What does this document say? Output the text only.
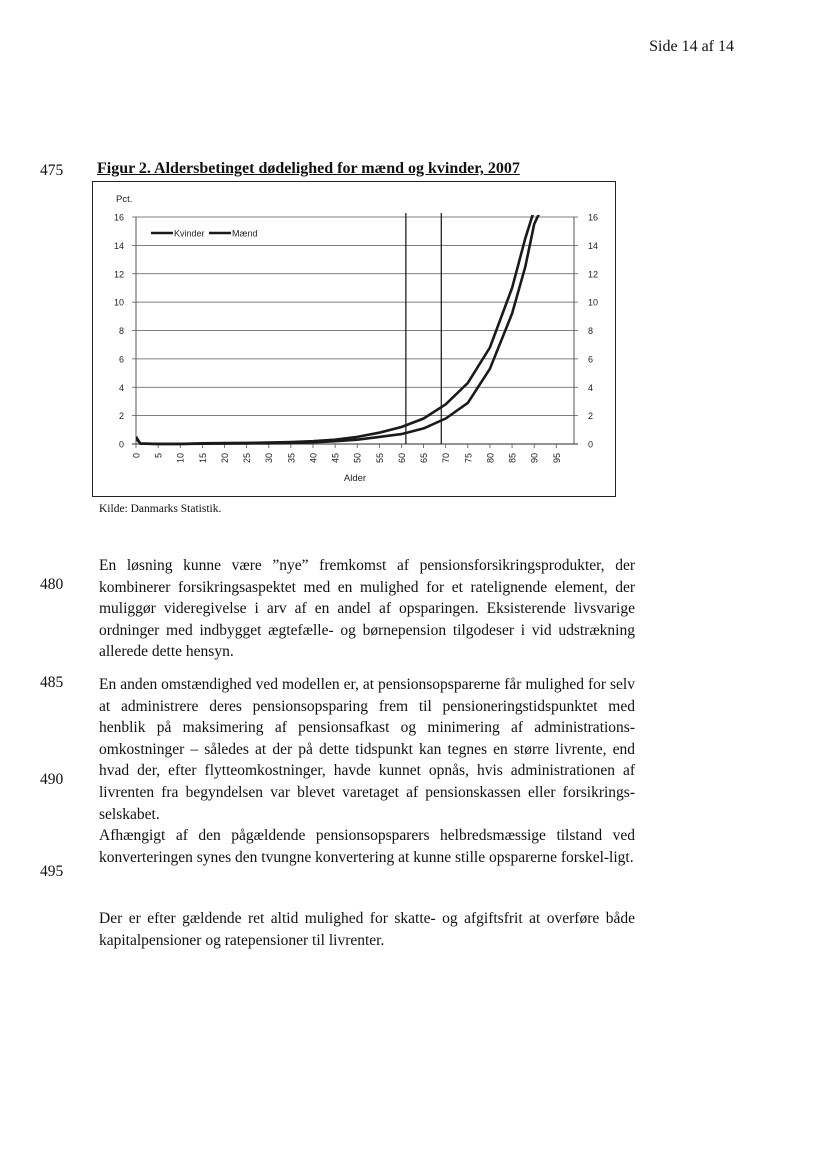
Side 14 af 14
475
480
485
490
495
Figur 2. Aldersbetinget dødelighed for mænd og kvinder, 2007
0	0
2	2
4	4
6	6
8	8
10	10
12	12
14	14
16	16
Pct.
0 5 10 15 20 25 30 35 40 45 50 55 60 65 70 75 80 85 90 95
Alder
Kvinder	Mænd
Kilde: Danmarks Statistik.
En løsning kunne være ”nye” fremkomst af pensionsforsikringsprodukter, der kombinerer forsikringsaspektet med en mulighed for et ratelignende element, der muliggør videregivelse i arv af en andel af opsparingen. Eksisterende livsvarige ordninger med indbygget ægtefælle- og børnepension tilgodeser i vid udstrækning allerede dette hensyn.
En anden omstændighed ved modellen er, at pensionsopsparerne får mulighed for selv at administrere deres pensionsopsparing frem til pensioneringstidspunktet med henblik på maksimering af pensionsafkast og minimering af administrations-omkostninger – således at der på dette tidspunkt kan tegnes en større livrente, end hvad der, efter flytteomkostninger, havde kunnet opnås, hvis administrationen af livrenten fra begyndelsen var blevet varetaget af pensionskassen eller forsikrings-selskabet.
Afhængigt af den pågældende pensionsopsparers helbredsmæssige tilstand ved konverteringen synes den tvungne konvertering at kunne stille opsparerne forskel-ligt.
Der er efter gældende ret altid mulighed for skatte- og afgiftsfrit at overføre både kapitalpensioner og ratepensioner til livrenter.
